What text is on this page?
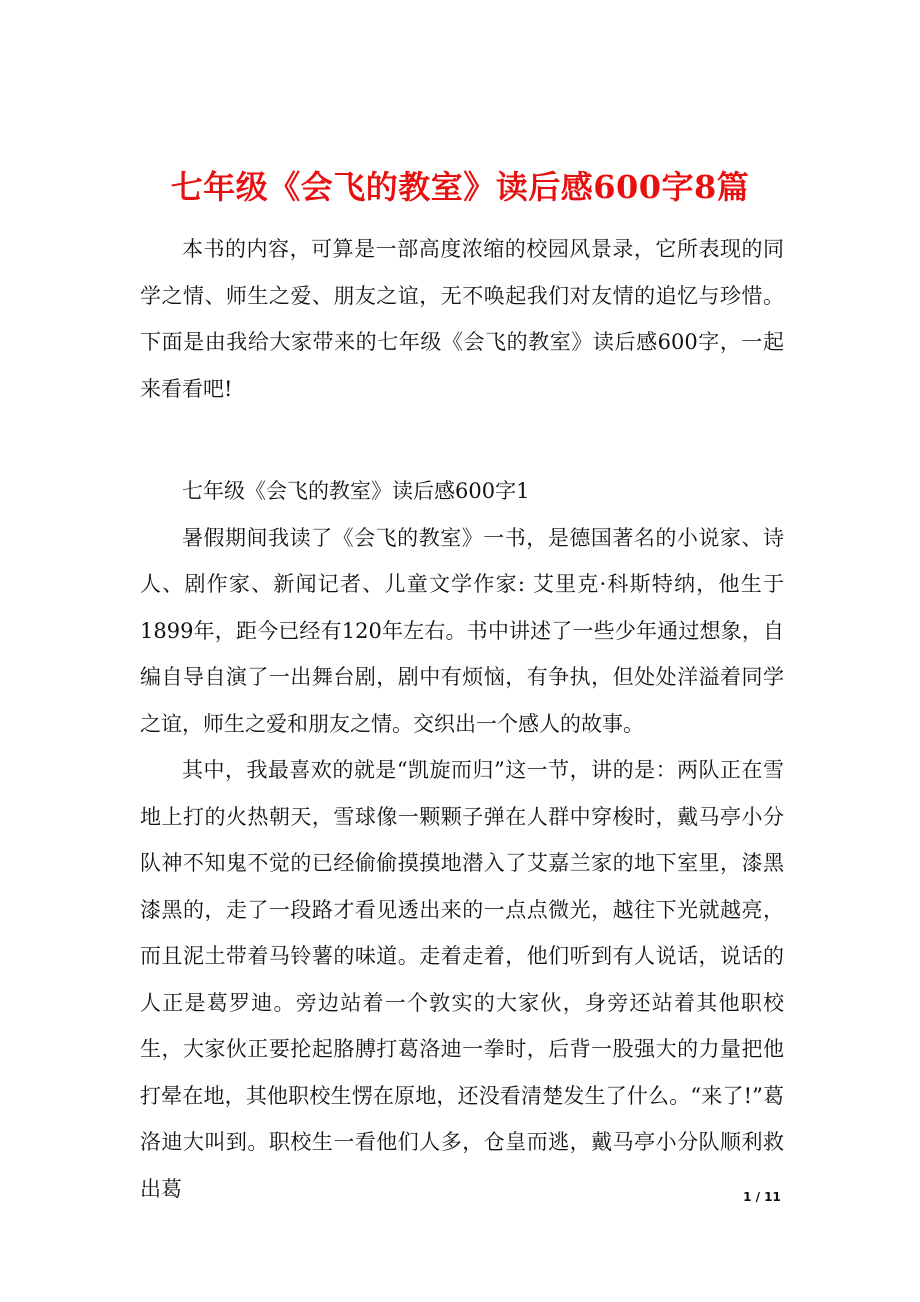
七年级《会飞的教室》读后感600字8篇

本书的内容，可算是一部高度浓缩的校园风景录，它所表现的同学之情、师生之爱、朋友之谊，无不唤起我们对友情的追忆与珍惜。下面是由我给大家带来的七年级《会飞的教室》读后感600字，一起来看看吧!

七年级《会飞的教室》读后感600字1

暑假期间我读了《会飞的教室》一书，是德国著名的小说家、诗人、剧作家、新闻记者、儿童文学作家: 艾里克·科斯特纳，他生于1899年，距今已经有120年左右。书中讲述了一些少年通过想象，自编自导自演了一出舞台剧，剧中有烦恼，有争执，但处处洋溢着同学之谊，师生之爱和朋友之情。交织出一个感人的故事。

其中，我最喜欢的就是“凯旋而归”这一节，讲的是：两队正在雪地上打的火热朝天，雪球像一颗颗子弹在人群中穿梭时，戴马亭小分队神不知鬼不觉的已经偷偷摸摸地潜入了艾嘉兰家的地下室里，漆黑漆黑的，走了一段路才看见透出来的一点点微光，越往下光就越亮，而且泥土带着马铃薯的味道。走着走着，他们听到有人说话，说话的人正是葛罗迪。旁边站着一个敦实的大家伙，身旁还站着其他职校生，大家伙正要抡起胳膊打葛洛迪一拳时，后背一股强大的力量把他打晕在地，其他职校生愣在原地，还没看清楚发生了什么。“来了!”葛洛迪大叫到。职校生一看他们人多，仓皇而逃，戴马亭小分队顺利救出葛	1 / 11
